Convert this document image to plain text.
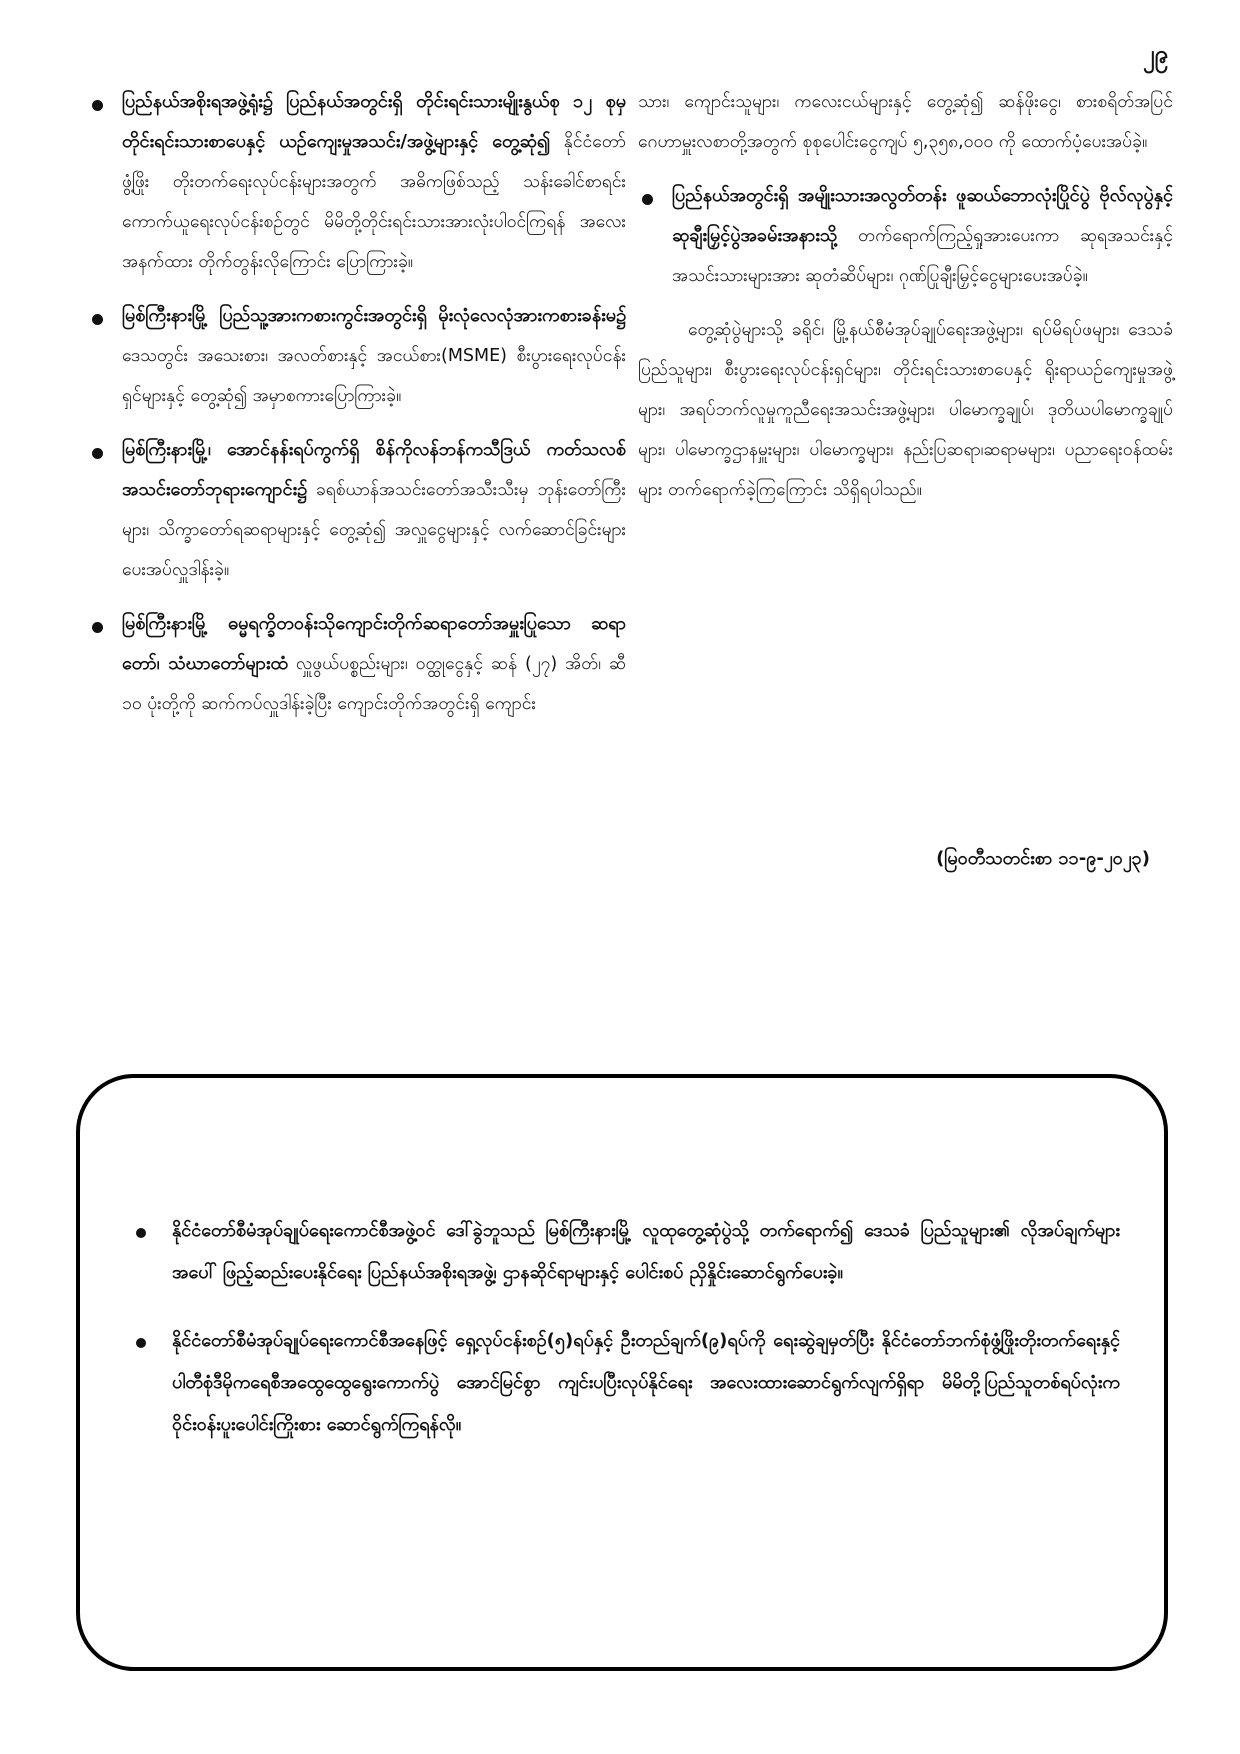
၂၉

ပြည်နယ်အစိုးရအဖွဲ့ရုံး၌ ပြည်နယ်အတွင်းရှိ တိုင်းရင်းသားမျိုးနွယ်စု ၁၂ စုမှ တိုင်းရင်းသားစာပေနှင့် ယဉ်ကျေးမှုအသင်း/အဖွဲ့များနှင့် တွေ့ဆုံ၍ နိုင်ငံတော်ဖွံ့ဖြိုး တိုးတက်ရေးလုပ်ငန်းများအတွက် အဓိကဖြစ်သည့် သန်းခေါင်စာရင်း ကောက်ယူရေးလုပ်ငန်းစဉ်တွင် မိမိတို့တိုင်းရင်းသားအားလုံးပါဝင်ကြရန် အလေးအနက်ထား တိုက်တွန်းလိုကြောင်း ပြောကြားခဲ့။

မြစ်ကြီးနားမြို့ ပြည်သူ့အားကစားကွင်းအတွင်းရှိ မိုးလုံလေလုံအားကစားခန်းမ၌ ဒေသတွင်း အသေးစား၊ အလတ်စားနှင့် အငယ်စား(MSME) စီးပွားရေးလုပ်ငန်းရှင်များနှင့် တွေ့ဆုံ၍ အမှာစကားပြောကြားခဲ့။

မြစ်ကြီးနားမြို့၊ အောင်နန်းရပ်ကွက်ရှိ စိန်ကိုလန်ဘန်ကသီဒြယ် ကတ်သလစ် အသင်းတော်ဘုရားကျောင်း၌ ခရစ်ယာန်အသင်းတော်အသီးသီးမှ ဘုန်းတော်ကြီးများ၊ သိက္ခာတော်ရဆရာများနှင့် တွေ့ဆုံ၍ အလှူငွေများနှင့် လက်ဆောင်ခြင်းများ ပေးအပ်လှူဒါန်းခဲ့။

မြစ်ကြီးနားမြို့ ဓမ္မရက္ခိတဝန်းသိုကျောင်းတိုက်ဆရာတော်အမှူးပြုသော ဆရာ တော်၊ သံဃာတော်များထံ လှူဖွယ်ပစ္စည်းများ၊ ဝတ္ထုငွေနှင့် ဆန် (၂၇) အိတ်၊ ဆီ ၁၀ ပုံးတို့ကို ဆက်ကပ်လှူဒါန်းခဲ့ပြီး ကျောင်းတိုက်အတွင်းရှိ ကျောင်း

သား၊ ကျောင်းသူများ၊ ကလေးငယ်များနှင့် တွေ့ဆုံ၍ ဆန်ဖိုးငွေ၊ စားစရိတ်အပြင် ဂေဟာမှူးလစာတို့အတွက် စုစုပေါင်းငွေကျပ် ၅,၃၅၈,၀၀၀ ကို ထောက်ပံ့ပေးအပ်ခဲ့။

ပြည်နယ်အတွင်းရှိ အမျိုးသားအလွတ်တန်း ဖူဆယ်ဘောလုံးပြိုင်ပွဲ ဗိုလ်လုပွဲနှင့် ဆုချီးမြှင့်ပွဲအခမ်းအနားသို့ တက်ရောက်ကြည့်ရှုအားပေးကာ ဆုရအသင်းနှင့် အသင်းသားများအား ဆုတံဆိပ်များ၊ ဂုဏ်ပြုချီးမြှင့်ငွေများပေးအပ်ခဲ့။

တွေ့ဆုံပွဲများသို့ ခရိုင်၊ မြို့နယ်စီမံအုပ်ချုပ်ရေးအဖွဲ့များ၊ ရပ်မိရပ်ဖများ၊ ဒေသခံပြည်သူများ၊ စီးပွားရေးလုပ်ငန်းရှင်များ၊ တိုင်းရင်းသားစာပေနှင့် ရိုးရာယဉ်ကျေးမှုအဖွဲ့များ၊ အရပ်ဘက်လူမှုကူညီရေးအသင်းအဖွဲ့များ၊ ပါမောက္ခချုပ်၊ ဒုတိယပါမောက္ခချုပ်များ၊ ပါမောက္ခဌာနမှူးများ၊ ပါမောက္ခများ၊ နည်းပြဆရာ၊ဆရာမများ၊ ပညာရေးဝန်ထမ်းများ တက်ရောက်ခဲ့ကြကြောင်း သိရှိရပါသည်။

(မြဝတီသတင်းစာ ၁၁-၉-၂၀၂၃)

နိုင်ငံတော်စီမံအုပ်ချုပ်ရေးကောင်စီအဖွဲ့ဝင် ဒေါ်ခွဲဘူသည် မြစ်ကြီးနားမြို့ လူထုတွေ့ဆုံပွဲသို့ တက်ရောက်၍ ဒေသခံ ပြည်သူများ၏ လိုအပ်ချက်များအပေါ် ဖြည့်ဆည်းပေးနိုင်ရေး ပြည်နယ်အစိုးရအဖွဲ့၊ ဌာနဆိုင်ရာများနှင့် ပေါင်းစပ် ညှိနှိုင်းဆောင်ရွက်ပေးခဲ့။

နိုင်ငံတော်စီမံအုပ်ချုပ်ရေးကောင်စီအနေဖြင့် ရှေ့လုပ်ငန်းစဉ်(၅)ရပ်နှင့် ဦးတည်ချက်(၉)ရပ်ကို ရေးဆွဲချမှတ်ပြီး နိုင်ငံတော်ဘက်စုံဖွံ့ဖြိုးတိုးတက်ရေးနှင့် ပါတီစုံဒီမိုကရေစီအထွေထွေရွေးကောက်ပွဲ အောင်မြင်စွာ ကျင်းပပြီးလုပ်နိုင်ရေး အလေးထားဆောင်ရွက်လျက်ရှိရာ မိမိတို့ပြည်သူတစ်ရပ်လုံးက ဝိုင်းဝန်းပူးပေါင်းကြိုးစား ဆောင်ရွက်ကြရန်လို။
